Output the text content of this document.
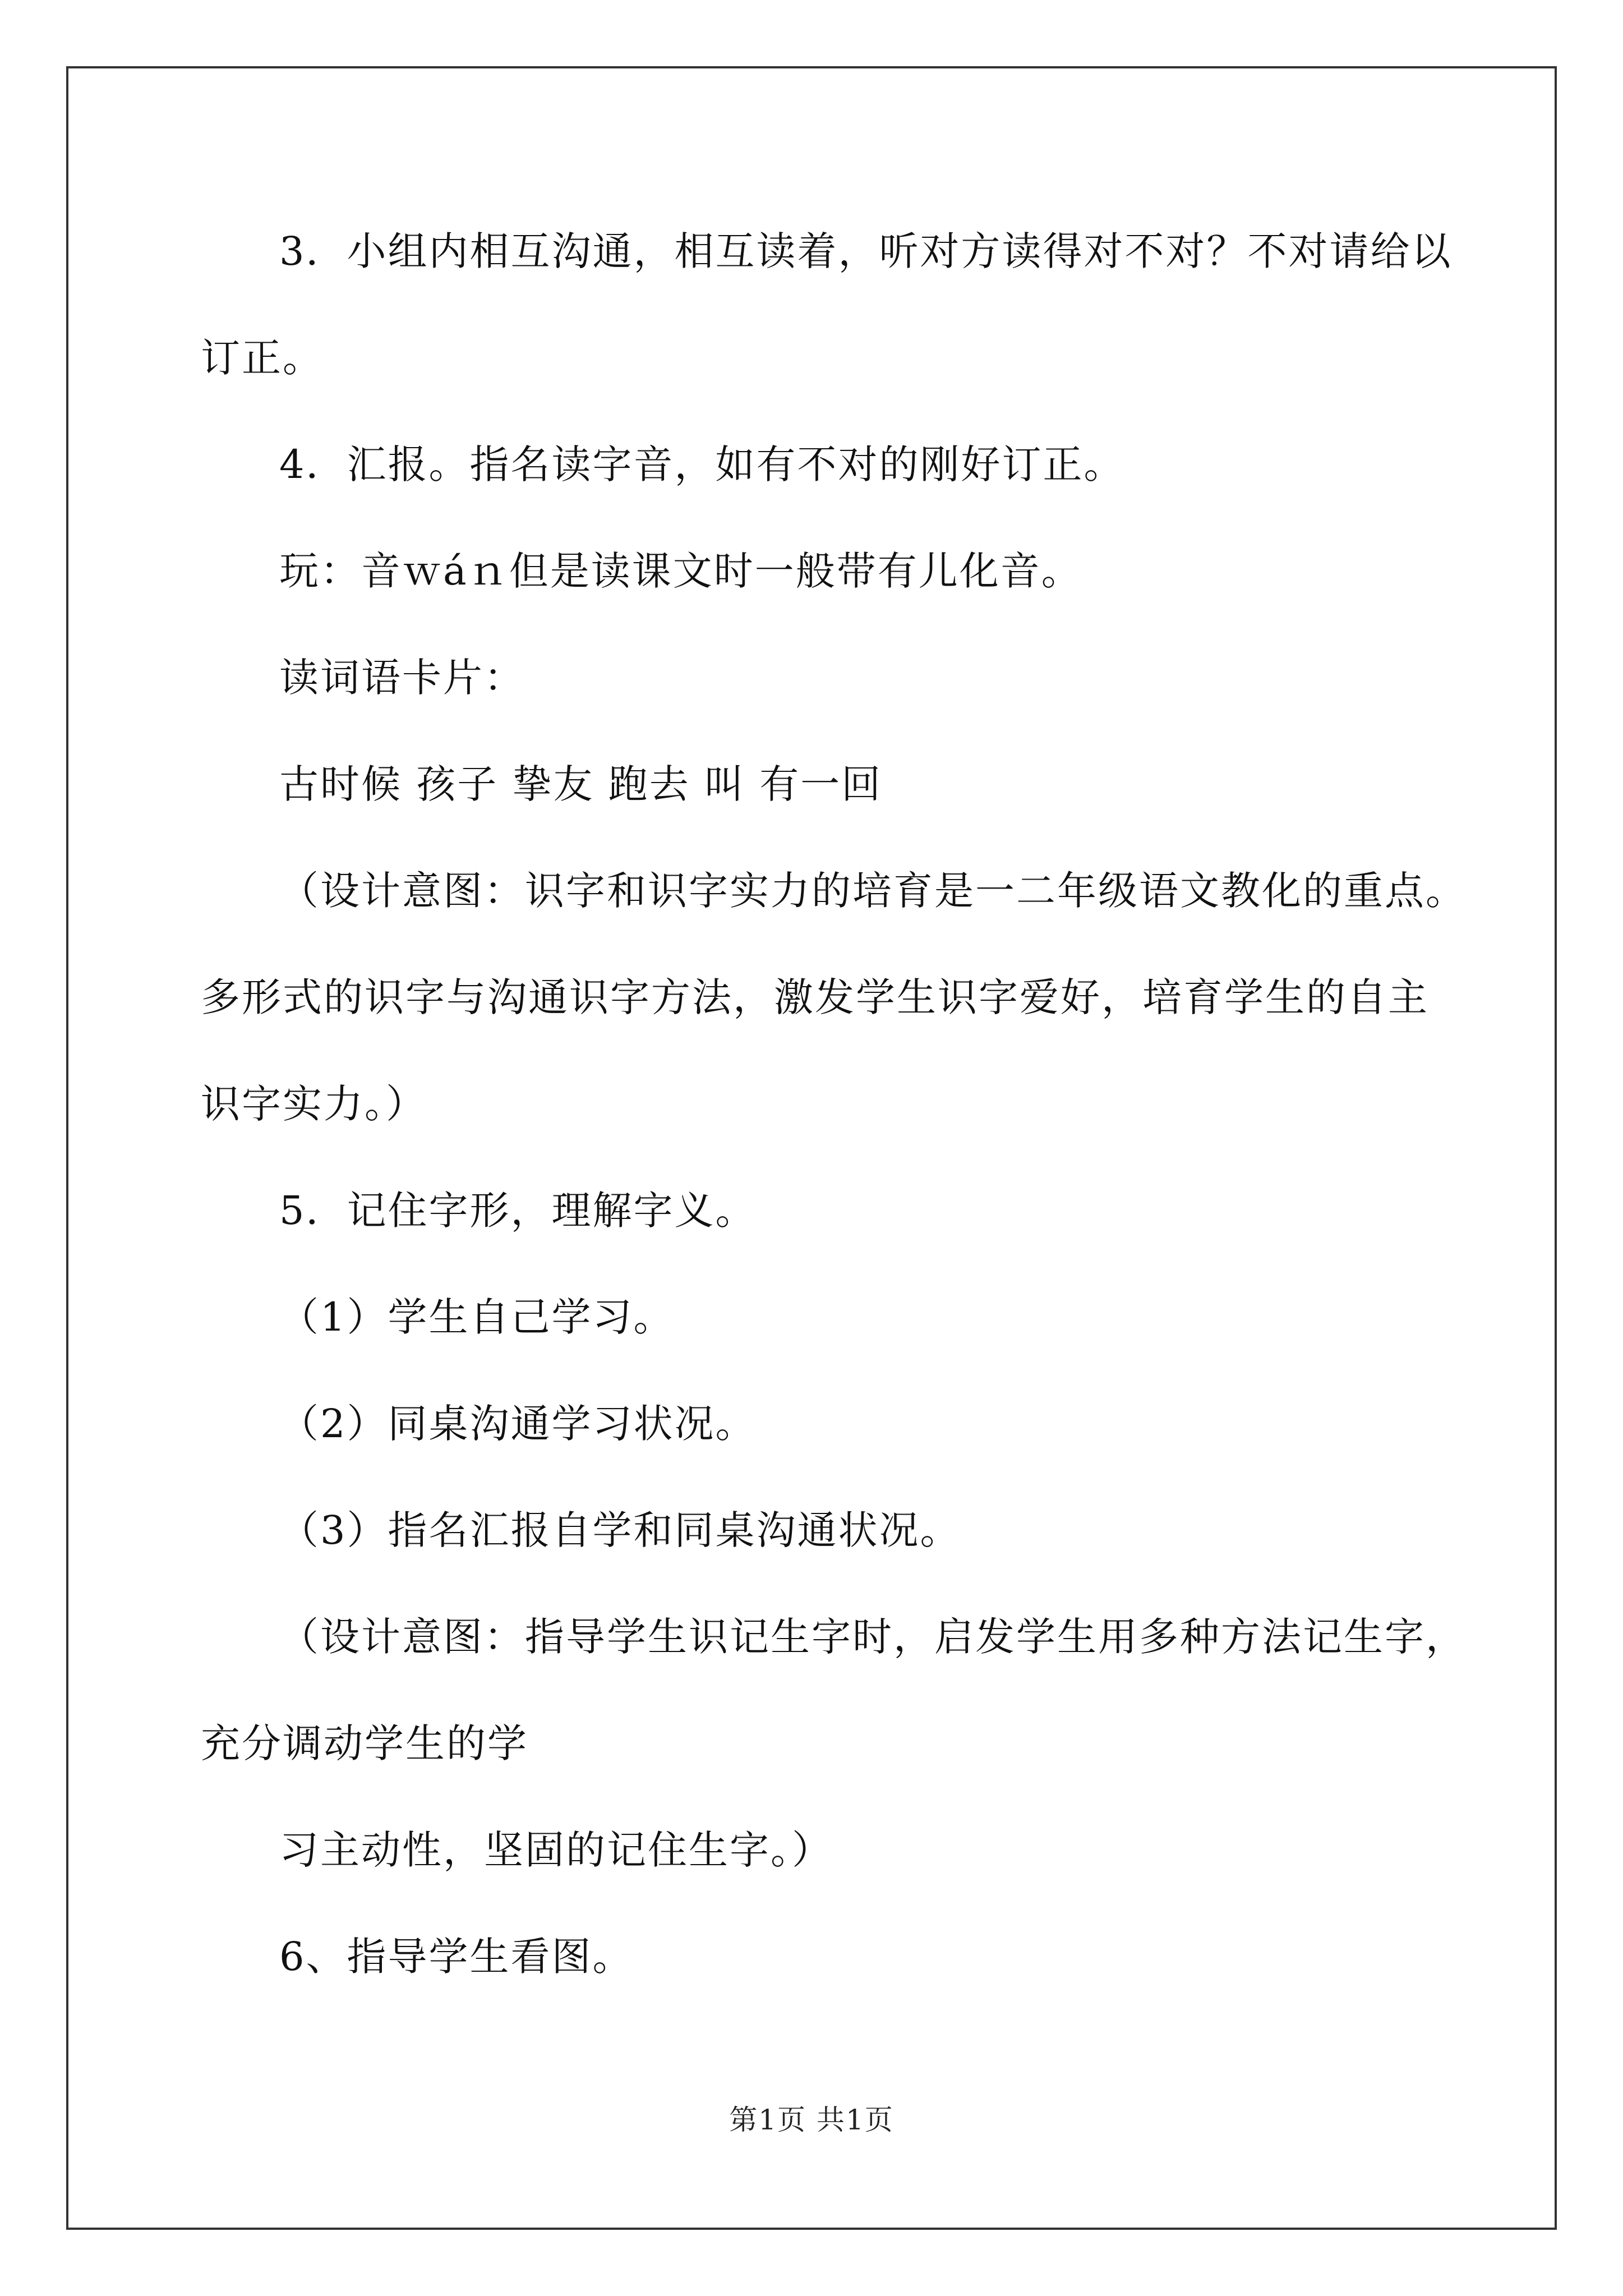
3．小组内相互沟通，相互读着，听对方读得对不对？不对请给以
订正。
4．汇报。指名读字音，如有不对的刚好订正。
玩：音ｗáｎ但是读课文时一般带有儿化音。
读词语卡片：
古时候 孩子 挚友 跑去 叫 有一回
（设计意图：识字和识字实力的培育是一二年级语文教化的重点。
多形式的识字与沟通识字方法，激发学生识字爱好，培育学生的自主
识字实力。）
5．记住字形，理解字义。
（1）学生自己学习。
（2）同桌沟通学习状况。
（3）指名汇报自学和同桌沟通状况。
（设计意图：指导学生识记生字时，启发学生用多种方法记生字，
充分调动学生的学
习主动性，坚固的记住生字。）
6、指导学生看图。
第1页 共1页
